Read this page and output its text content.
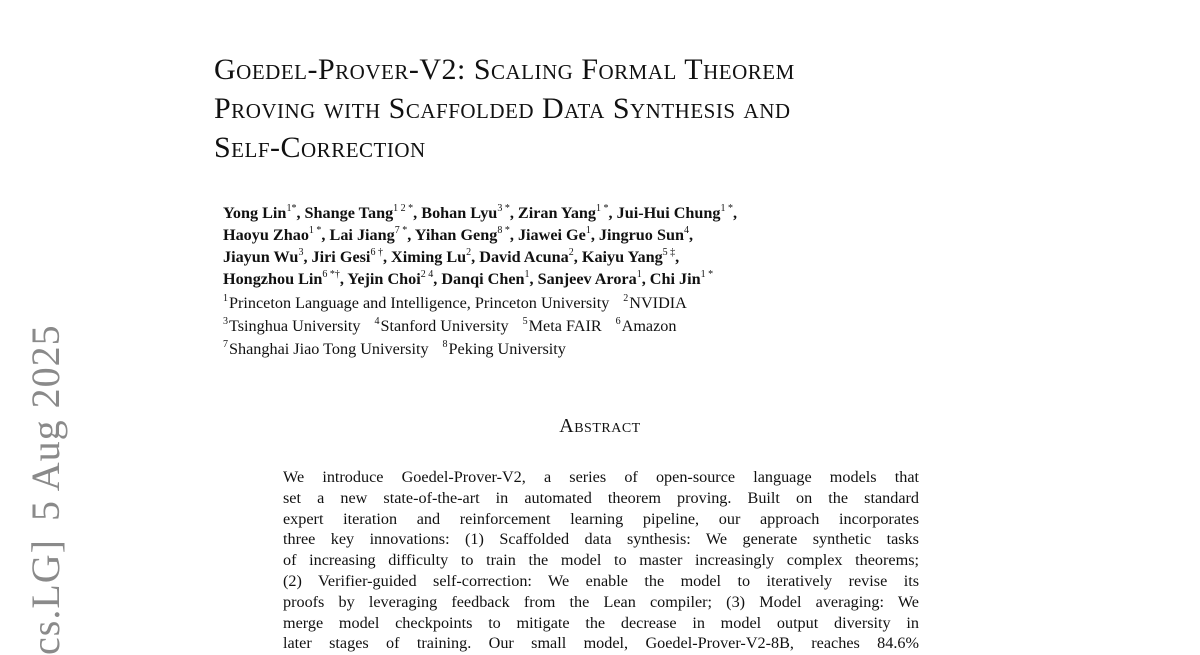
cs.LG]5 Aug 2025
Goedel-Prover-V2: Scaling Formal Theorem
Proving with Scaffolded Data Synthesis and
Self-Correction
Yong Lin$^{1*}$, Shange Tang$^{1 2 *}$, Bohan Lyu$^{3 *}$, Ziran Yang$^{1 *}$, Jui-Hui Chung$^{1 *}$,
Haoyu Zhao$^{1 *}$, Lai Jiang$^{7 *}$, Yihan Geng$^{8 *}$, Jiawei Ge$^1$, Jingruo Sun$^4$,
Jiayun Wu$^3$, Jiri Gesi$^{6 \dagger}$, Ximing Lu$^2$, David Acuna$^2$, Kaiyu Yang$^{5 \ddagger}$,
Hongzhou Lin$^{6 *\dagger}$, Yejin Choi$^{2 4}$, Danqi Chen$^1$, Sanjeev Arora$^1$, Chi Jin$^{1 *}$
$^1$Princeton Language and Intelligence, Princeton University $^2$NVIDIA
$^3$Tsinghua University $^4$Stanford University $^5$Meta FAIR $^6$Amazon
$^7$Shanghai Jiao Tong University $^8$Peking University
Abstract
We introduce Goedel-Prover-V2, a series of open-source language models that
set a new state-of-the-art in automated theorem proving. Built on the standard
expert iteration and reinforcement learning pipeline, our approach incorporates
three key innovations: (1) Scaffolded data synthesis: We generate synthetic tasks
of increasing difficulty to train the model to master increasingly complex theorems;
(2) Verifier-guided self-correction: We enable the model to iteratively revise its
proofs by leveraging feedback from the Lean compiler; (3) Model averaging: We
merge model checkpoints to mitigate the decrease in model output diversity in
later stages of training. Our small model, Goedel-Prover-V2-8B, reaches 84.6%
